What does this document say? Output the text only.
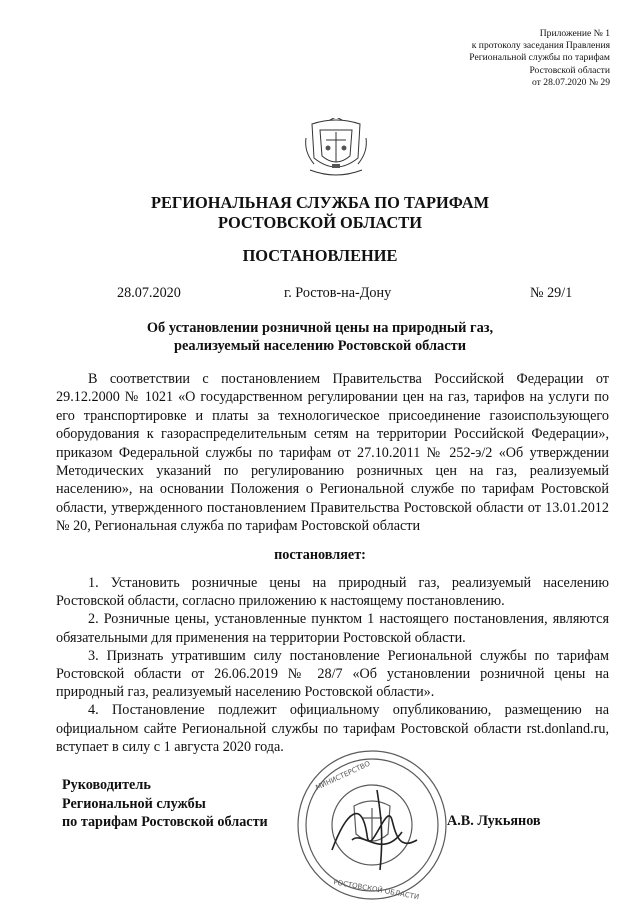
Приложение № 1
к протоколу заседания Правления
Региональной службы по тарифам
Ростовской области
от 28.07.2020 № 29
РЕГИОНАЛЬНАЯ СЛУЖБА ПО ТАРИФАМ
РОСТОВСКОЙ ОБЛАСТИ
ПОСТАНОВЛЕНИЕ
28.07.2020	г. Ростов-на-Дону	№ 29/1
Об установлении розничной цены на природный газ,
реализуемый населению Ростовской области

В соответствии с постановлением Правительства Российской Федерации от 29.12.2000 № 1021 «О государственном регулировании цен на газ, тарифов на услуги по его транспортировке и платы за технологическое присоединение газоиспользующего оборудования к газораспределительным сетям на территории Российской Федерации», приказом Федеральной службы по тарифам от 27.10.2011 № 252-э/2 «Об утверждении Методических указаний по регулированию розничных цен на газ, реализуемый населению», на основании Положения о Региональной службе по тарифам Ростовской области, утвержденного постановлением Правительства Ростовской области от 13.01.2012 № 20, Региональная служба по тарифам Ростовской области

постановляет:

1. Установить розничные цены на природный газ, реализуемый населению Ростовской области, согласно приложению к настоящему постановлению.

2. Розничные цены, установленные пунктом 1 настоящего постановления, являются обязательными для применения на территории Ростовской области.

3. Признать утратившим силу постановление Региональной службы по тарифам Ростовской области от 26.06.2019 № 28/7 «Об установлении розничной цены на природный газ, реализуемый населению Ростовской области».

4. Постановление подлежит официальному опубликованию, размещению на официальном сайте Региональной службы по тарифам Ростовской области rst.donland.ru, вступает в силу с 1 августа 2020 года.

Руководитель
Региональной службы
по тарифам Ростовской области
МИНИСТЕРСТВО
РОСТОВСКОЙ ОБЛАСТИ
А.В. Лукьянов
